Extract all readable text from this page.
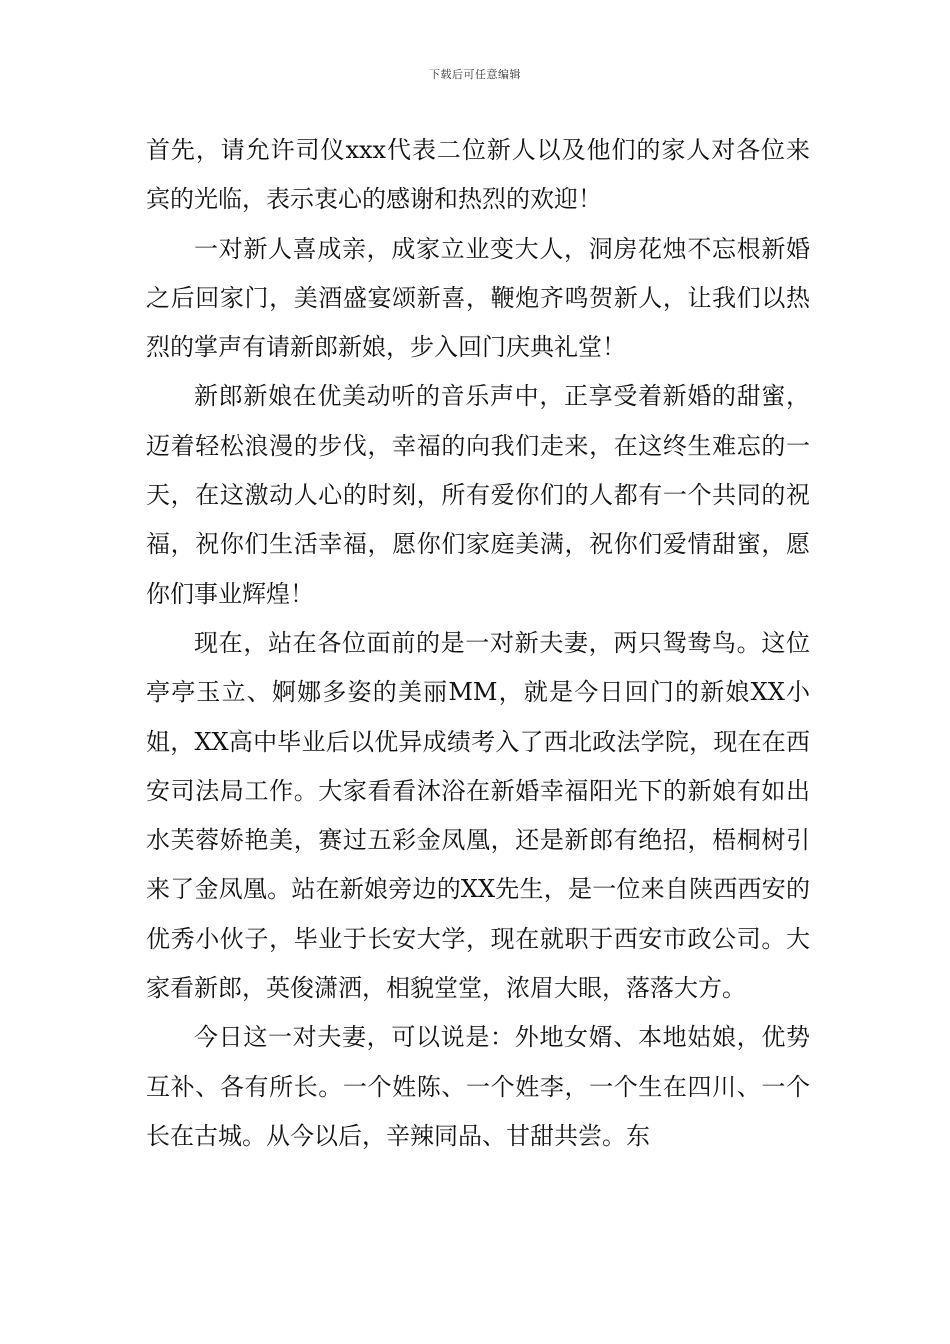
下载后可任意编辑

首先，请允许司仪xxx代表二位新人以及他们的家人对各位来宾的光临，表示衷心的感谢和热烈的欢迎！

一对新人喜成亲，成家立业变大人，洞房花烛不忘根新婚之后回家门，美酒盛宴颂新喜，鞭炮齐鸣贺新人，让我们以热烈的掌声有请新郎新娘，步入回门庆典礼堂！

新郎新娘在优美动听的音乐声中，正享受着新婚的甜蜜，迈着轻松浪漫的步伐，幸福的向我们走来，在这终生难忘的一天，在这激动人心的时刻，所有爱你们的人都有一个共同的祝福，祝你们生活幸福，愿你们家庭美满，祝你们爱情甜蜜，愿你们事业辉煌！

现在，站在各位面前的是一对新夫妻，两只鸳鸯鸟。这位亭亭玉立、婀娜多姿的美丽MM，就是今日回门的新娘XX小姐，XX高中毕业后以优异成绩考入了西北政法学院，现在在西安司法局工作。大家看看沐浴在新婚幸福阳光下的新娘有如出水芙蓉娇艳美，赛过五彩金凤凰，还是新郎有绝招，梧桐树引来了金凤凰。站在新娘旁边的XX先生，是一位来自陕西西安的优秀小伙子，毕业于长安大学，现在就职于西安市政公司。大家看新郎，英俊潇洒，相貌堂堂，浓眉大眼，落落大方。

今日这一对夫妻，可以说是：外地女婿、本地姑娘，优势互补、各有所长。一个姓陈、一个姓李，一个生在四川、一个长在古城。从今以后，辛辣同品、甘甜共尝。东
